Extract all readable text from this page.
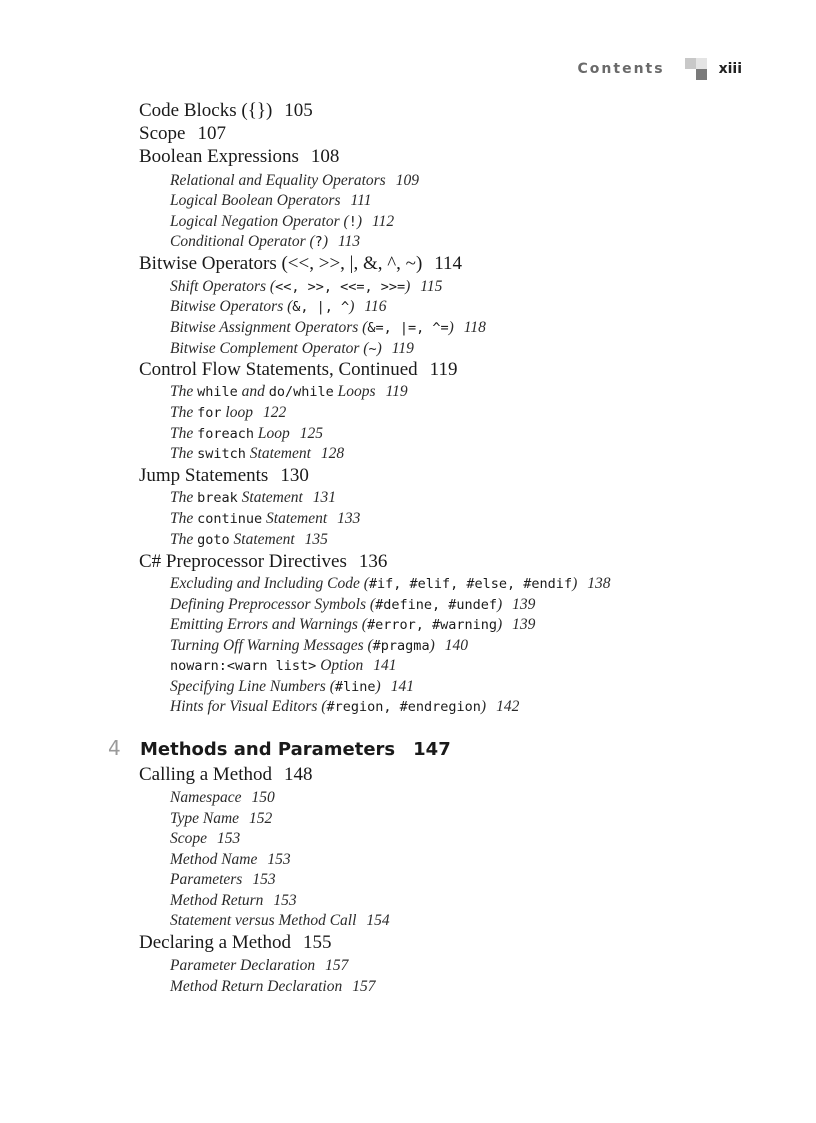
Contents	xiii
Code Blocks ({}) 105
Scope 107
Boolean Expressions 108
Relational and Equality Operators 109
Logical Boolean Operators 111
Logical Negation Operator (!) 112
Conditional Operator (?) 113
Bitwise Operators (<<, >>, |, &, ^, ~) 114
Shift Operators (<<, >>, <<=, >>=) 115
Bitwise Operators (&, |, ^) 116
Bitwise Assignment Operators (&=, |=, ^=) 118
Bitwise Complement Operator (~) 119
Control Flow Statements, Continued 119
The while and do/while Loops 119
The for loop 122
The foreach Loop 125
The switch Statement 128
Jump Statements 130
The break Statement 131
The continue Statement 133
The goto Statement 135
C# Preprocessor Directives 136
Excluding and Including Code (#if, #elif, #else, #endif) 138
Defining Preprocessor Symbols (#define, #undef) 139
Emitting Errors and Warnings (#error, #warning) 139
Turning Off Warning Messages (#pragma) 140
nowarn:<warn list> Option 141
Specifying Line Numbers (#line) 141
Hints for Visual Editors (#region, #endregion) 142
4 Methods and Parameters 147
Calling a Method 148
Namespace 150
Type Name 152
Scope 153
Method Name 153
Parameters 153
Method Return 153
Statement versus Method Call 154
Declaring a Method 155
Parameter Declaration 157
Method Return Declaration 157
